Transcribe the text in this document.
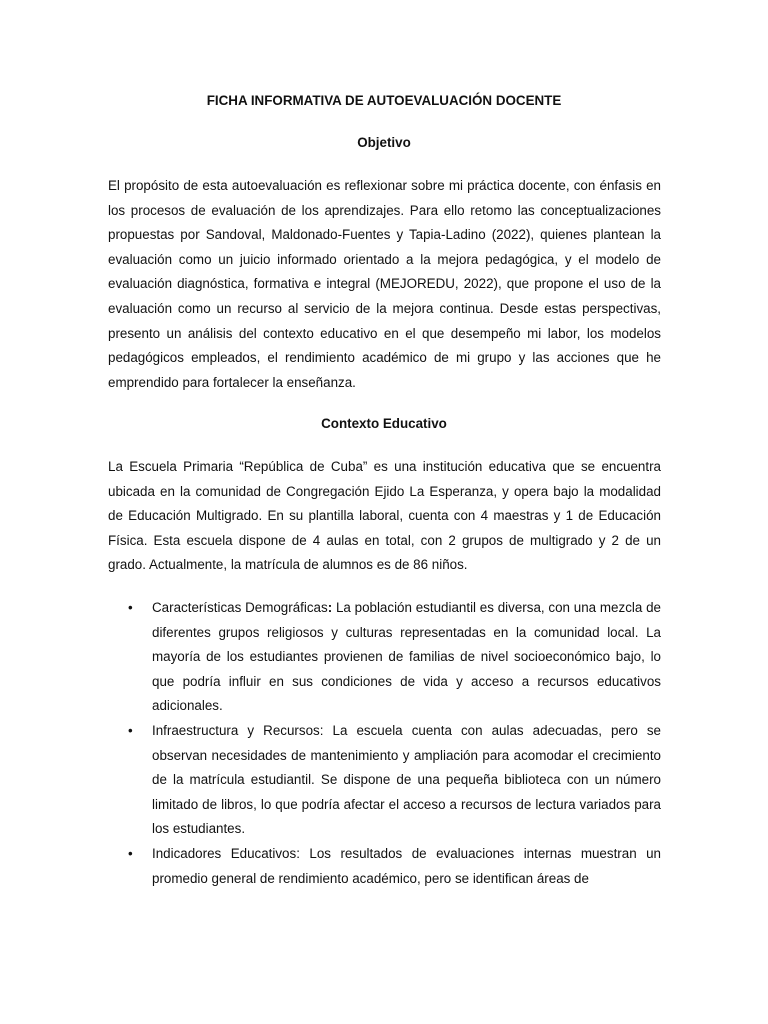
FICHA INFORMATIVA DE AUTOEVALUACIÓN DOCENTE
Objetivo

El propósito de esta autoevaluación es reflexionar sobre mi práctica docente, con énfasis en los procesos de evaluación de los aprendizajes. Para ello retomo las conceptualizaciones propuestas por Sandoval, Maldonado-Fuentes y Tapia-Ladino (2022), quienes plantean la evaluación como un juicio informado orientado a la mejora pedagógica, y el modelo de evaluación diagnóstica, formativa e integral (MEJOREDU, 2022), que propone el uso de la evaluación como un recurso al servicio de la mejora continua. Desde estas perspectivas, presento un análisis del contexto educativo en el que desempeño mi labor, los modelos pedagógicos empleados, el rendimiento académico de mi grupo y las acciones que he emprendido para fortalecer la enseñanza.

Contexto Educativo

La Escuela Primaria “República de Cuba” es una institución educativa que se encuentra ubicada en la comunidad de Congregación Ejido La Esperanza, y opera bajo la modalidad de Educación Multigrado. En su plantilla laboral, cuenta con 4 maestras y 1 de Educación Física. Esta escuela dispone de 4 aulas en total, con 2 grupos de multigrado y 2 de un grado. Actualmente, la matrícula de alumnos es de 86 niños.

• Características Demográficas: La población estudiantil es diversa, con una mezcla de diferentes grupos religiosos y culturas representadas en la comunidad local. La mayoría de los estudiantes provienen de familias de nivel socioeconómico bajo, lo que podría influir en sus condiciones de vida y acceso a recursos educativos adicionales.
• Infraestructura y Recursos: La escuela cuenta con aulas adecuadas, pero se observan necesidades de mantenimiento y ampliación para acomodar el crecimiento de la matrícula estudiantil. Se dispone de una pequeña biblioteca con un número limitado de libros, lo que podría afectar el acceso a recursos de lectura variados para los estudiantes.
• Indicadores Educativos: Los resultados de evaluaciones internas muestran un promedio general de rendimiento académico, pero se identifican áreas de
